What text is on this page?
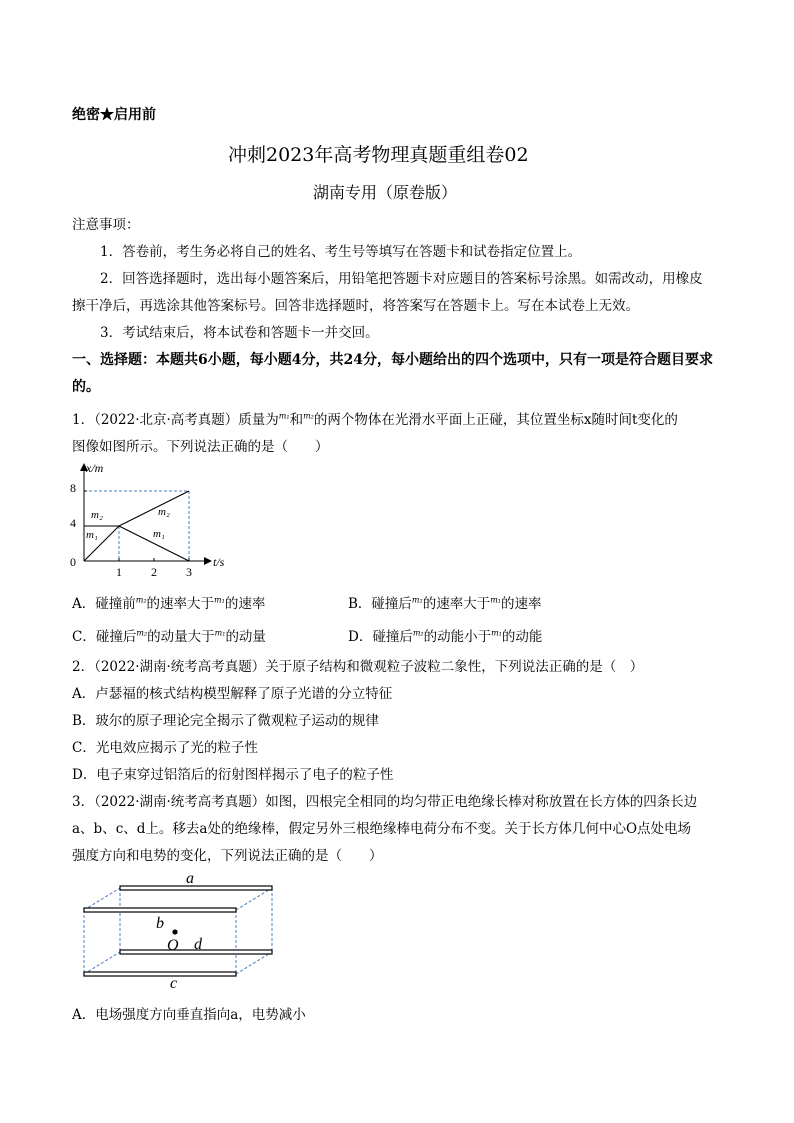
绝密★启用前
冲刺2023年高考物理真题重组卷02
湖南专用（原卷版）
注意事项：
1．答卷前，考生务必将自己的姓名、考生号等填写在答题卡和试卷指定位置上。
2．回答选择题时，选出每小题答案后，用铅笔把答题卡对应题目的答案标号涂黑。如需改动，用橡皮
擦干净后，再选涂其他答案标号。回答非选择题时，将答案写在答题卡上。写在本试卷上无效。
3．考试结束后，将本试卷和答题卡一并交回。
一、选择题：本题共6小题，每小题4分，共24分，每小题给出的四个选项中，只有一项是符合题目要求
的。
1．（2022·北京·高考真题）质量为$^{m_1}$和$^{m_2}$的两个物体在光滑水平面上正碰，其位置坐标x随时间t变化的
图像如图所示。下列说法正确的是（　　）
x/m
t/s
0
4
8
1 2 3
m₂
m₁
m₂
m₁
A．碰撞前$^{m_2}$的速率大于$^{m_1}$的速率	B．碰撞后$^{m_2}$的速率大于$^{m_1}$的速率
C．碰撞后$^{m_2}$的动量大于$^{m_1}$的动量	D．碰撞后$^{m_2}$的动能小于$^{m_1}$的动能
2．（2022·湖南·统考高考真题）关于原子结构和微观粒子波粒二象性，下列说法正确的是（　）
A．卢瑟福的核式结构模型解释了原子光谱的分立特征
B．玻尔的原子理论完全揭示了微观粒子运动的规律
C．光电效应揭示了光的粒子性
D．电子束穿过铝箔后的衍射图样揭示了电子的粒子性
3．（2022·湖南·统考高考真题）如图，四根完全相同的均匀带正电绝缘长棒对称放置在长方体的四条长边
a、b、c、d上。移去a处的绝缘棒，假定另外三根绝缘棒电荷分布不变。关于长方体几何中心O点处电场
强度方向和电势的变化，下列说法正确的是（　　）
a
b
O d
c
A．电场强度方向垂直指向a，电势减小
